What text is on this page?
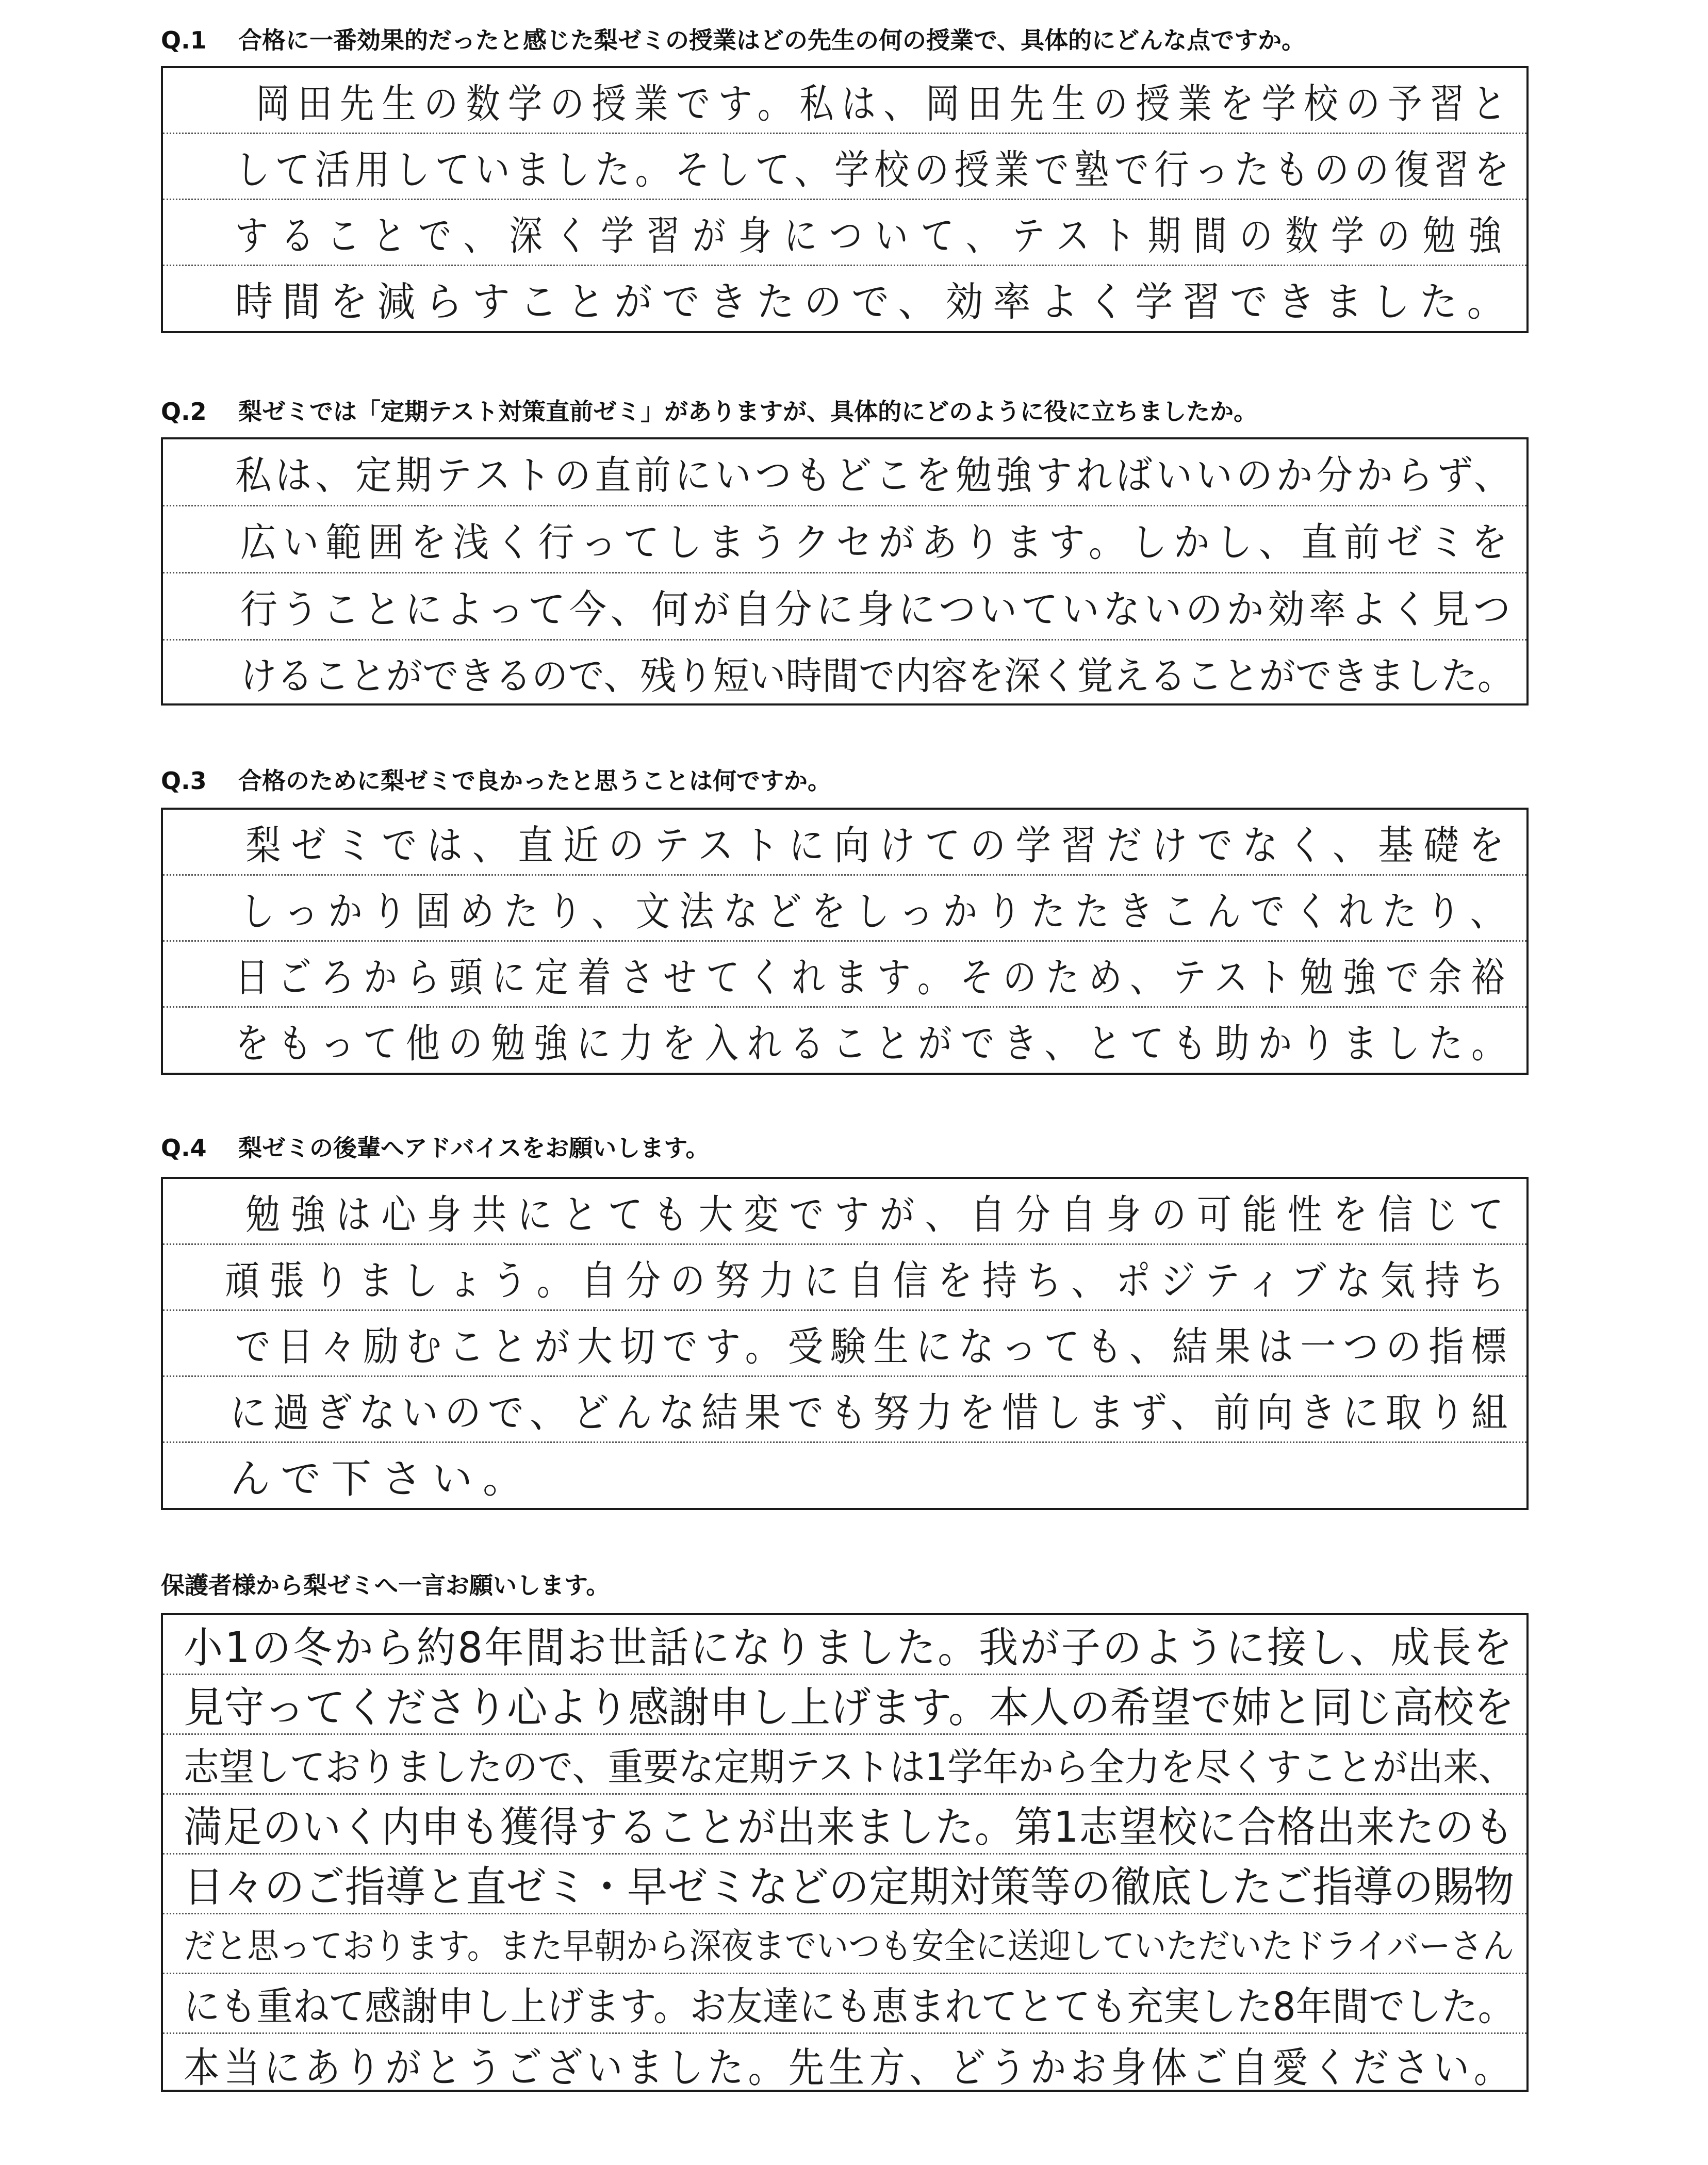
Q.1 合格に一番効果的だったと感じた梨ゼミの授業はどの先生の何の授業で、具体的にどんな点ですか。
岡田先生の数学の授業です。私は、岡田先生の授業を学校の予習と
して活用していました。そして、学校の授業で塾で行ったものの復習を
することで、深く学習が身について、テスト期間の数学の勉強
時間を減らすことができたので、効率よく学習できました。
Q.2 梨ゼミでは「定期テスト対策直前ゼミ」がありますが、具体的にどのように役に立ちましたか。
私は、定期テストの直前にいつもどこを勉強すればいいのか分からず、
広い範囲を浅く行ってしまうクセがあります。しかし、直前ゼミを
行うことによって今、何が自分に身についていないのか効率よく見つ
けることができるので、残り短い時間で内容を深く覚えることができました。
Q.3 合格のために梨ゼミで良かったと思うことは何ですか。
梨ゼミでは、直近のテストに向けての学習だけでなく、基礎を
しっかり固めたり、文法などをしっかりたたきこんでくれたり、
日ごろから頭に定着させてくれます。そのため、テスト勉強で余裕
をもって他の勉強に力を入れることができ、とても助かりました。
Q.4 梨ゼミの後輩へアドバイスをお願いします。
勉強は心身共にとても大変ですが、自分自身の可能性を信じて
頑張りましょう。自分の努力に自信を持ち、ポジティブな気持ち
で日々励むことが大切です。受験生になっても、結果は一つの指標
に過ぎないので、どんな結果でも努力を惜しまず、前向きに取り組
んで下さい。
保護者様から梨ゼミへ一言お願いします。
小1の冬から約8年間お世話になりました。我が子のように接し、成長を
見守ってくださり心より感謝申し上げます。本人の希望で姉と同じ高校を
志望しておりましたので、重要な定期テストは1学年から全力を尽くすことが出来、
満足のいく内申も獲得することが出来ました。第1志望校に合格出来たのも
日々のご指導と直ゼミ・早ゼミなどの定期対策等の徹底したご指導の賜物
だと思っております。また早朝から深夜までいつも安全に送迎していただいたドライバーさん
にも重ねて感謝申し上げます。お友達にも恵まれてとても充実した8年間でした。
本当にありがとうございました。先生方、どうかお身体ご自愛ください。
